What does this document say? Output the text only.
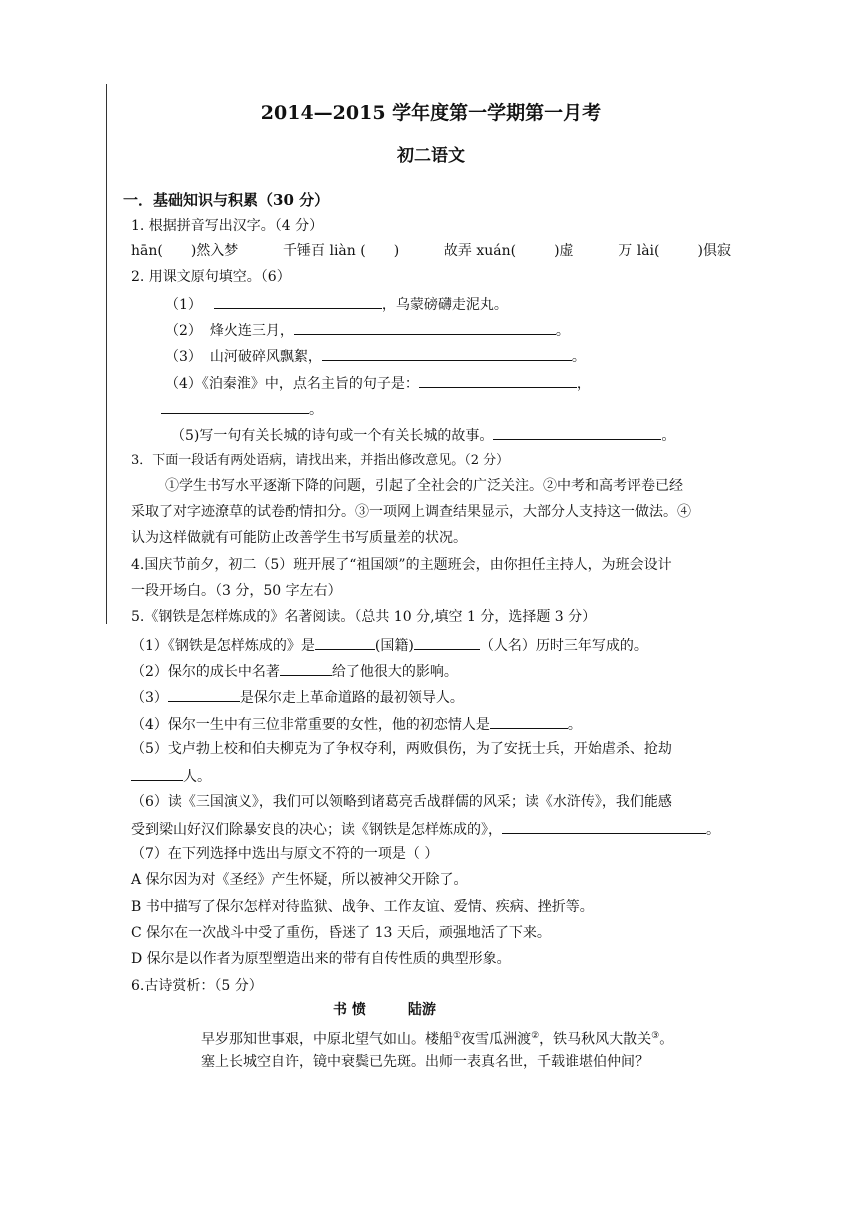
2014—2015 学年度第一学期第一月考
初二语文
一．基础知识与积累（30 分）
1. 根据拼音写出汉字。（4 分）
hān( )然入梦	千锤百 liàn ( )	故弄 xuán(	)虚	万 lài(	)俱寂
2. 用课文原句填空。（6）
（1）	，乌蒙磅礴走泥丸。
（2） 烽火连三月，	。
（3） 山河破碎风飘絮，	。
（4）《泊秦淮》中，点名主旨的句子是：	，
。
（5)写一句有关长城的诗句或一个有关长城的故事。	。
3．下面一段话有两处语病，请找出来，并指出修改意见。（2 分）
①学生书写水平逐渐下降的问题，引起了全社会的广泛关注。②中考和高考评卷已经
采取了对字迹潦草的试卷酌情扣分。③一项网上调查结果显示，大部分人支持这一做法。④
认为这样做就有可能防止改善学生书写质量差的状况。
4.国庆节前夕，初二（5）班开展了“祖国颂”的主题班会，由你担任主持人，为班会设计
一段开场白。（3 分，50 字左右）
5.《钢铁是怎样炼成的》名著阅读。（总共 10 分,填空 1 分，选择题 3 分）
（1）《钢铁是怎样炼成的》是	(国籍)	（人名）历时三年写成的。
（2）保尔的成长中名著	给了他很大的影响。
（3）	是保尔走上革命道路的最初领导人。
（4）保尔一生中有三位非常重要的女性，他的初恋情人是	。
（5）戈卢勃上校和伯夫柳克为了争权夺利，两败俱伤，为了安抚士兵，开始虐杀、抢劫
人。
（6）读《三国演义》，我们可以领略到诸葛亮舌战群儒的风采；读《水浒传》，我们能感
受到梁山好汉们除暴安良的决心；读《钢铁是怎样炼成的》，	。
（7）在下列选择中选出与原文不符的一项是（ ）
A 保尔因为对《圣经》产生怀疑，所以被神父开除了。
B 书中描写了保尔怎样对待监狱、战争、工作友谊、爱情、疾病、挫折等。
C 保尔在一次战斗中受了重伤，昏迷了 13 天后，顽强地活了下来。
D 保尔是以作者为原型塑造出来的带有自传性质的典型形象。
6.古诗赏析：（5 分）
书 愤	陆游
早岁那知世事艰，中原北望气如山。楼船①夜雪瓜洲渡②，铁马秋风大散关③。
塞上长城空自许，镜中衰鬓已先斑。出师一表真名世，千载谁堪伯仲间？
